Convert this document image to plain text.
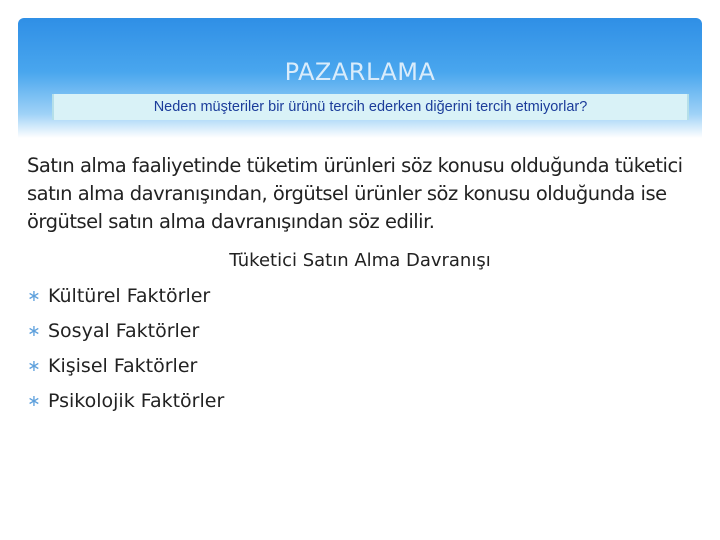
PAZARLAMA
Neden müşteriler bir ürünü tercih ederken diğerini tercih etmiyorlar?
Satın alma faaliyetinde tüketim ürünleri söz konusu olduğunda tüketici satın alma davranışından, örgütsel ürünler söz konusu olduğunda ise örgütsel satın alma davranışından söz edilir.
Tüketici Satın Alma Davranışı
∗ Kültürel Faktörler
∗ Sosyal Faktörler
∗ Kişisel Faktörler
∗ Psikolojik Faktörler
